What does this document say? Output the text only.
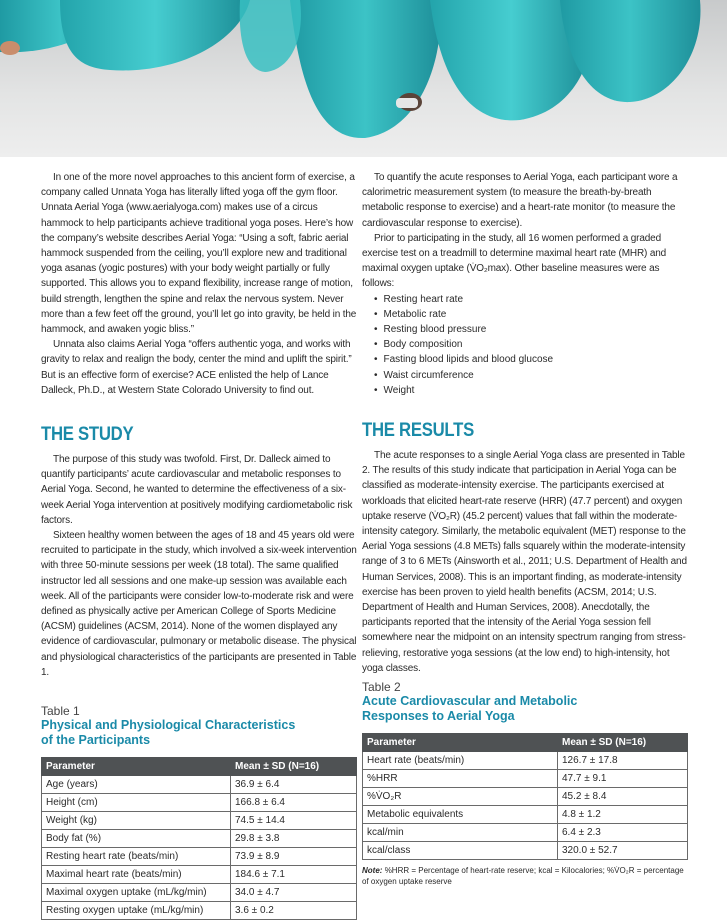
In one of the more novel approaches to this ancient form of exercise, a company called Unnata Yoga has literally lifted yoga off the gym floor. Unnata Aerial Yoga (www.aerialyoga.com) makes use of a circus hammock to help participants achieve traditional yoga poses. Here’s how the company’s website describes Aerial Yoga: “Using a soft, fabric aerial hammock suspended from the ceiling, you’ll explore new and traditional yoga asanas (yogic postures) with your body weight partially or fully supported. This allows you to expand flexibility, increase range of motion, build strength, lengthen the spine and relax the nervous system. Never more than a few feet off the ground, you’ll let go into gravity, be held in the hammock, and awaken yogic bliss.”

Unnata also claims Aerial Yoga “offers authentic yoga, and works with gravity to relax and realign the body, center the mind and uplift the spirit.” But is an effective form of exercise? ACE enlisted the help of Lance Dalleck, Ph.D., at Western State Colorado University to find out.

THE STUDY

The purpose of this study was twofold. First, Dr. Dalleck aimed to quantify participants’ acute cardiovascular and metabolic responses to Aerial Yoga. Second, he wanted to determine the effectiveness of a six-week Aerial Yoga intervention at positively modifying cardiometabolic risk factors.

Sixteen healthy women between the ages of 18 and 45 years old were recruited to participate in the study, which involved a six-week intervention with three 50-minute sessions per week (18 total). The same qualified instructor led all sessions and one make-up session was available each week. All of the participants were consider low-to-moderate risk and were defined as physically active per American College of Sports Medicine (ACSM) guidelines (ACSM, 2014). None of the women displayed any evidence of cardiovascular, pulmonary or metabolic disease. The physical and physiological characteristics of the participants are presented in Table 1.

Table 1

Physical and Physiological Characteristics
of the Participants

Parameter	Mean ± SD (N=16)
Age (years)	36.9 ± 6.4
Height (cm)	166.8 ± 6.4
Weight (kg)	74.5 ± 14.4
Body fat (%)	29.8 ± 3.8
Resting heart rate (beats/min)	73.9 ± 8.9
Maximal heart rate (beats/min)	184.6 ± 7.1
Maximal oxygen uptake (mL/kg/min)	34.0 ± 4.7
Resting oxygen uptake (mL/kg/min)	3.6 ± 0.2

To quantify the acute responses to Aerial Yoga, each participant wore a calorimetric measurement system (to measure the breath-by-breath metabolic response to exercise) and a heart-rate monitor (to measure the cardiovascular response to exercise).

Prior to participating in the study, all 16 women performed a graded exercise test on a treadmill to determine maximal heart rate (MHR) and maximal oxygen uptake (V̇O₂max). Other baseline measures were as follows:

• Resting heart rate
• Metabolic rate
• Resting blood pressure
• Body composition
• Fasting blood lipids and blood glucose
• Waist circumference
• Weight
THE RESULTS

The acute responses to a single Aerial Yoga class are presented in Table 2. The results of this study indicate that participation in Aerial Yoga can be classified as moderate-intensity exercise. The participants exercised at workloads that elicited heart-rate reserve (HRR) (47.7 percent) and oxygen uptake reserve (V̇O₂R) (45.2 percent) values that fall within the moderate-intensity category. Similarly, the metabolic equivalent (MET) response to the Aerial Yoga sessions (4.8 METs) falls squarely within the moderate-intensity range of 3 to 6 METs (Ainsworth et al., 2011; U.S. Department of Health and Human Services, 2008). This is an important finding, as moderate-intensity exercise has been proven to yield health benefits (ACSM, 2014; U.S. Department of Health and Human Services, 2008). Anecdotally, the participants reported that the intensity of the Aerial Yoga session fell somewhere near the midpoint on an intensity spectrum ranging from stress-relieving, restorative yoga sessions (at the low end) to high-intensity, hot yoga classes.

Table 2

Acute Cardiovascular and Metabolic
Responses to Aerial Yoga

Parameter	Mean ± SD (N=16)
Heart rate (beats/min)	126.7 ± 17.8
%HRR	47.7 ± 9.1
%V̇O₂R	45.2 ± 8.4
Metabolic equivalents	4.8 ± 1.2
kcal/min	6.4 ± 2.3
kcal/class	320.0 ± 52.7
Note: %HRR = Percentage of heart-rate reserve; kcal = Kilocalories; %V̇O₂R = percentage of oxygen uptake reserve
